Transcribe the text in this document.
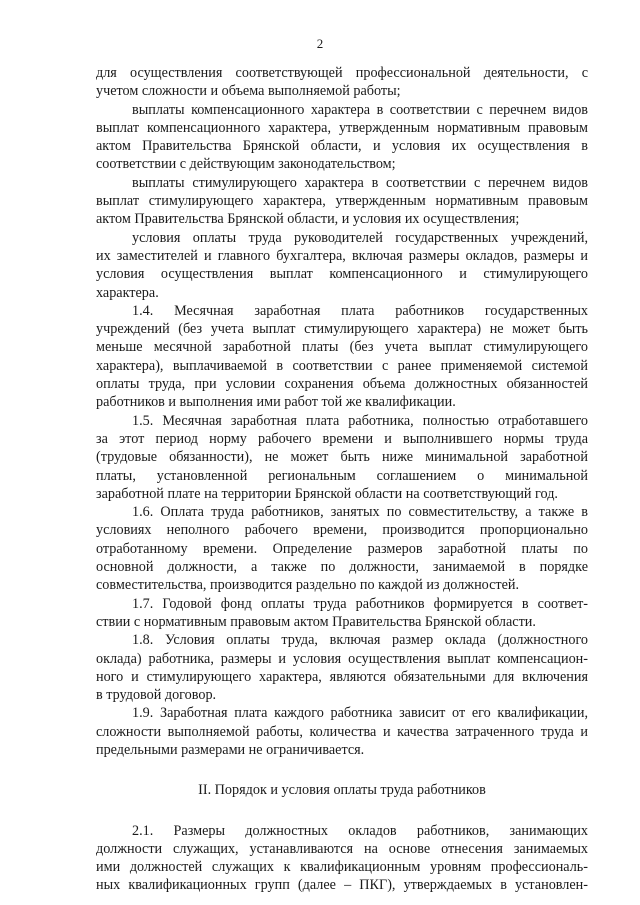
2
для осуществления соответствующей профессиональной деятельности, с
учетом сложности и объема выполняемой работы;
выплаты компенсационного характера в соответствии с перечнем видов
выплат компенсационного характера, утвержденным нормативным правовым
актом Правительства Брянской области, и условия их осуществления в
соответствии с действующим законодательством;
выплаты стимулирующего характера в соответствии с перечнем видов
выплат стимулирующего характера, утвержденным нормативным правовым
актом Правительства Брянской области, и условия их осуществления;
условия оплаты труда руководителей государственных учреждений,
их заместителей и главного бухгалтера, включая размеры окладов, размеры и
условия осуществления выплат компенсационного и стимулирующего
характера.
1.4. Месячная заработная плата работников государственных
учреждений (без учета выплат стимулирующего характера) не может быть
меньше месячной заработной платы (без учета выплат стимулирующего
характера), выплачиваемой в соответствии с ранее применяемой системой
оплаты труда, при условии сохранения объема должностных обязанностей
работников и выполнения ими работ той же квалификации.
1.5. Месячная заработная плата работника, полностью отработавшего
за этот период норму рабочего времени и выполнившего нормы труда
(трудовые обязанности), не может быть ниже минимальной заработной
платы, установленной региональным соглашением о минимальной
заработной плате на территории Брянской области на соответствующий год.
1.6. Оплата труда работников, занятых по совместительству, а также в
условиях неполного рабочего времени, производится пропорционально
отработанному времени. Определение размеров заработной платы по
основной должности, а также по должности, занимаемой в порядке
совместительства, производится раздельно по каждой из должностей.
1.7. Годовой фонд оплаты труда работников формируется в соответ-
ствии с нормативным правовым актом Правительства Брянской области.
1.8. Условия оплаты труда, включая размер оклада (должностного
оклада) работника, размеры и условия осуществления выплат компенсацион-
ного и стимулирующего характера, являются обязательными для включения
в трудовой договор.
1.9. Заработная плата каждого работника зависит от его квалификации,
сложности выполняемой работы, количества и качества затраченного труда и
предельными размерами не ограничивается.
II. Порядок и условия оплаты труда работников
2.1. Размеры должностных окладов работников, занимающих
должности служащих, устанавливаются на основе отнесения занимаемых
ими должностей служащих к квалификационным уровням профессиональ-
ных квалификационных групп (далее – ПКГ), утверждаемых в установлен-
